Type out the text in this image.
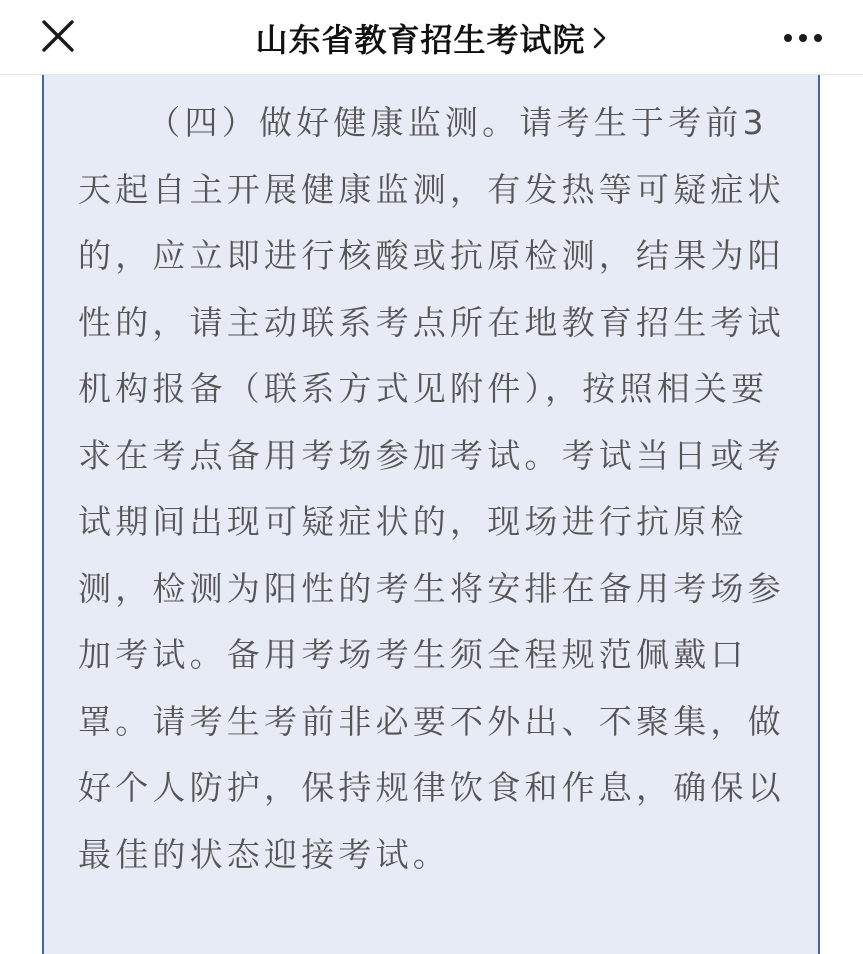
山东省教育招生考试院

（四）做好健康监测。请考生于考前3天起自主开展健康监测，有发热等可疑症状的，应立即进行核酸或抗原检测，结果为阳性的，请主动联系考点所在地教育招生考试机构报备（联系方式见附件），按照相关要求在考点备用考场参加考试。考试当日或考试期间出现可疑症状的，现场进行抗原检测，检测为阳性的考生将安排在备用考场参加考试。备用考场考生须全程规范佩戴口罩。请考生考前非必要不外出、不聚集，做好个人防护，保持规律饮食和作息，确保以最佳的状态迎接考试。
